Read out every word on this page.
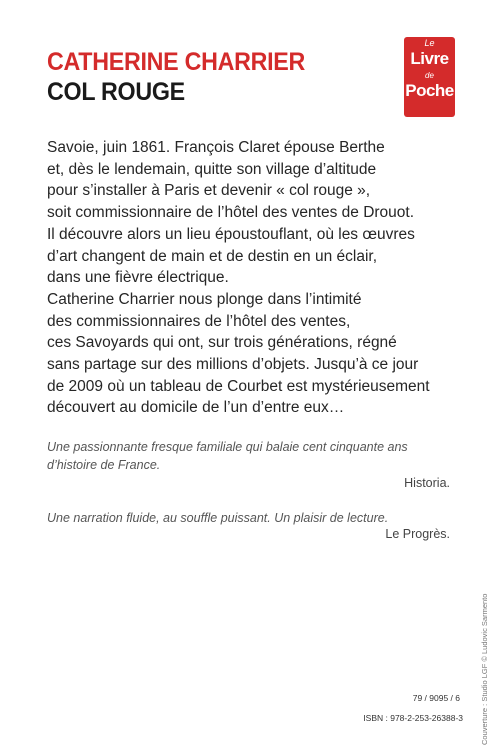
CATHERINE CHARRIER
COL ROUGE
Le
Livre
de
Poche
Savoie, juin 1861. François Claret épouse Berthe
et, dès le lendemain, quitte son village d’altitude
pour s’installer à Paris et devenir « col rouge »,
soit commissionnaire de l’hôtel des ventes de Drouot.
Il découvre alors un lieu époustouflant, où les œuvres
d’art changent de main et de destin en un éclair,
dans une fièvre électrique.
Catherine Charrier nous plonge dans l’intimité
des commissionnaires de l’hôtel des ventes,
ces Savoyards qui ont, sur trois générations, régné
sans partage sur des millions d’objets. Jusqu’à ce jour
de 2009 où un tableau de Courbet est mystérieusement
découvert au domicile de l’un d’entre eux…
Une passionnante fresque familiale qui balaie cent cinquante ans
d’histoire de France.

Historia.

Une narration fluide, au souffle puissant. Un plaisir de lecture.

Le Progrès.

Couverture : Studio LGF © Ludovic Sarmento

79 / 9095 / 6

ISBN : 978-2-253-26388-3
